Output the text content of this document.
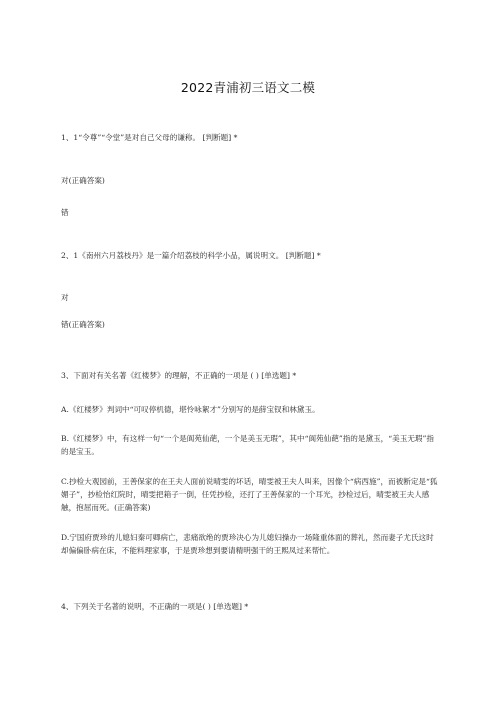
2022青浦初三语文二模
1、1“令尊”“令堂”是对自己父母的谦称。 [判断题] *
对(正确答案)
错
2、1《南州六月荔枝丹》是一篇介绍荔枝的科学小品，属说明文。 [判断题] *
对
错(正确答案)
3、下面对有关名著《红楼梦》的理解，不正确的一项是 ( ) [单选题] *
A.《红楼梦》判词中“可叹停机德，堪怜咏絮才”分别写的是薛宝钗和林黛玉。
B.《红楼梦》中，有这样一句“一个是阆苑仙葩，一个是美玉无瑕”，其中“阆苑仙葩”指的是黛玉，“美玉无瑕”指的是宝玉。
C.抄检大观园前，王善保家的在王夫人面前说晴雯的坏话，晴雯被王夫人叫来，因像个“病西施”，而被断定是“狐媚子”，抄检怡红院时，晴雯把箱子一倒，任凭抄检，还打了王善保家的一个耳光，抄检过后，晴雯被王夫人感触，抱屈而死。(正确答案)
D.宁国府贾珍的儿媳妇秦可卿病亡，悲痛欲绝的贾珍决心为儿媳妇操办一场隆重体面的葬礼，然而妻子尤氏这时却偏偏卧病在床，不能料理家事，于是贾珍想到要请精明强干的王熙凤过来帮忙。
4、下列关于名著的说明，不正确的一项是( ) [单选题] *
